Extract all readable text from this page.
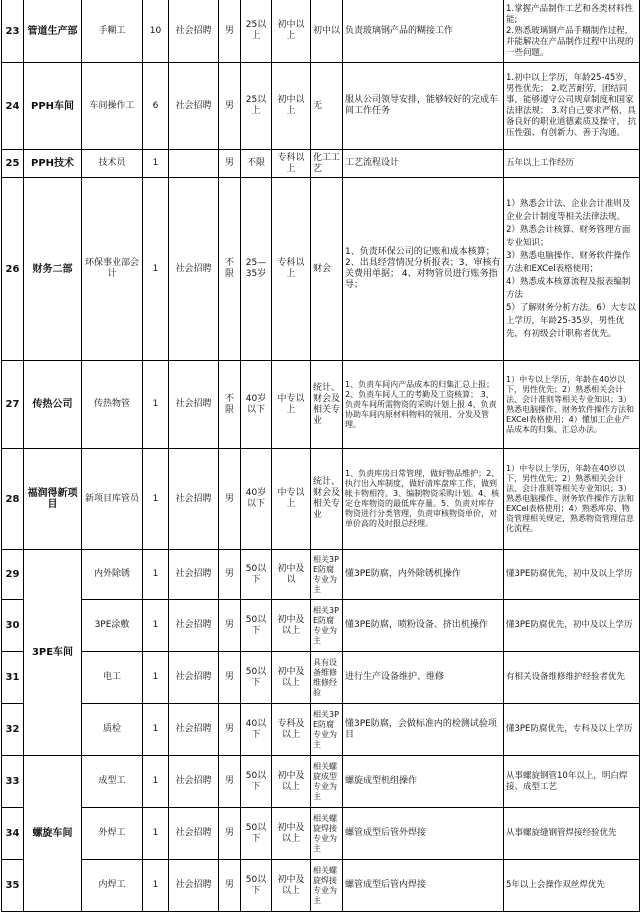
23	管道生产部	手糊工	10	社会招聘	男	25以上	初中以上	初中以	负责玻璃钢产品的糊接工作	1.掌握产品制作工艺和各类材料性能;
2.熟悉玻璃钢产品手糊制作过程，并能解决在产品制作过程中出现的一些问题。
24	PPH车间	车间操作工	6	社会招聘	男	25以上	初中以上	无	服从公司领导安排，能够较好的完成车间工作任务	1.初中以上学历，年龄25-45岁，男性优先； 2.吃苦耐劳，团结同事，能够遵守公司规章制度和国家法律法规； 3.对自己要求严格，具备良好的职业道德素质及操守， 抗压性强、有创新力、善于沟通。
25	PPH技术	技术员	1		男	不限	专科以上	化工工艺	工艺流程设计	五年以上工作经历
26	财务二部	环保事业部会计	1	社会招聘	不限	25—35岁	专科以上	财会	1、负责环保公司的记账和成本核算； 2、出具经营情况分析报表；3、审核有关费用单据； 4、对物管员进行账务指导；	1）熟悉会计法、企业会计准则及企业会计制度等相关法律法规。
2）熟悉会计核算、财务管理方面专业知识；
3）熟悉电脑操作、财务软件操作方法和EXCel表格使用；
4）熟悉成本核算流程及报表编制方法
5）了解财务分析方法。6）大专以上学历，年龄25-35岁，男性优先，有初级会计职称者优先。
27	传热公司	传热物管	1	社会招聘	不限	40岁以下	中专以上	统计、财会及相关专业	1、负责车间内产品成本的归集汇总上报；2、负责车间人工的考勤及工资核算； 3、负责车间所需物资的采购计划上报 4、负责协助车间内原材料物料的领用、分发及管理。	1）中专以上学历，年龄在40岁以下，男性优先；2）熟悉相关会计法、会计准则等相关专业知识；3）熟悉电脑操作、财务软件操作方法和EXCel表格使用；4）懂加工企业产品成本的归集、汇总办法。
28	福润得新项目	新项目库管员	1	社会招聘	男	40岁以下	中专以上	统计、财会及相关专业	1、负责库房日常管理，做好物品维护；2、执行出入库制度，做好清库盘库工作，做到帐卡物相符。3、编制物资采购计划。4、核定仓库物资的最低库存量。5、负责对库存物资进行分类管理，负责审核物资单价，对单价高的及时报总经理。	1）中专以上学历，年龄在40岁以下，男性优先；2）熟悉相关会计法、会计准则等相关专业知识；3）熟悉电脑操作、财务软件操作方法和EXCel表格使用；4）熟悉库房、物资管理相关规定，熟悉物资管理信息化流程。
29	3PE车间	内外除锈	1	社会招聘	男	50以下	初中及以	相关3PE防腐专业为主	懂3PE防腐，内外除锈机操作	懂3PE防腐优先，初中及以上学历
30		3PE涂敷	1	社会招聘	男	50以下	初中及以上	相关3PE防腐专业为主	懂3PE防腐，喷粉设备、挤出机操作	懂3PE防腐优先，初中及以上学历
31		电工	1	社会招聘	男	50以下	初中及以上	具有设备维修维修经验	进行生产设备维护、维修	有相关设备维修维护经验者优先
32		质检	1	社会招聘	男	40以下	专科及以上	相关3PE防腐专业为主	懂3PE防腐，会做标准内的检测试验项目	懂3PE防腐优先，专科及以上学历
33	螺旋车间	成型工	1	社会招聘	男	50以下	初中及以上	相关螺旋成型专业为主	螺旋成型机组操作	从事螺旋钢管10年以上，明白焊接、成型工艺
34		外焊工	1	社会招聘	男	50以下	初中及以上	相关螺旋焊接专业为主	螺管成型后管外焊接	从事螺旋缝钢管焊接经验优先
35		内焊工	1	社会招聘	男	50以下	初中及以上	相关螺旋焊接专业为主	螺管成型后管内焊接	5年以上会操作双丝焊优先
